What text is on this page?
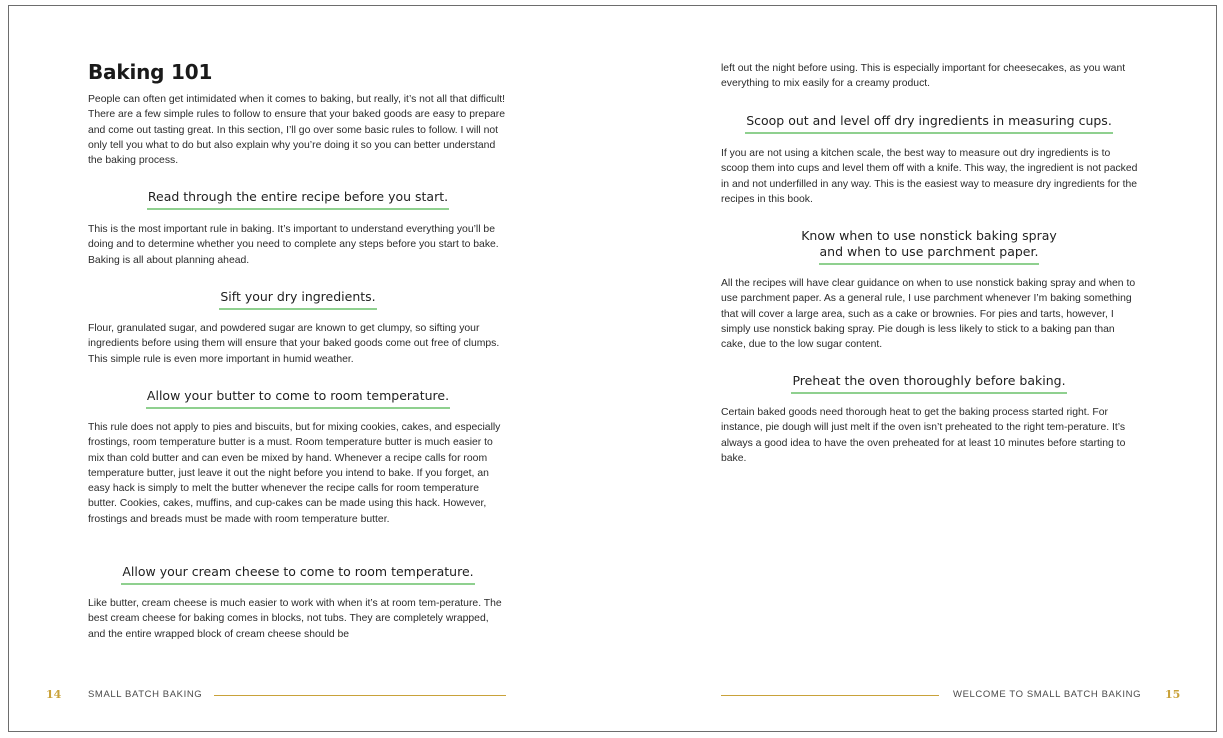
Baking 101

People can often get intimidated when it comes to baking, but really, it’s not all that difficult! There are a few simple rules to follow to ensure that your baked goods are easy to prepare and come out tasting great. In this section, I’ll go over some basic rules to follow. I will not only tell you what to do but also explain why you’re doing it so you can better understand the baking process.

Read through the entire recipe before you start.

This is the most important rule in baking. It’s important to understand everything you’ll be doing and to determine whether you need to complete any steps before you start to bake. Baking is all about planning ahead.

Sift your dry ingredients.

Flour, granulated sugar, and powdered sugar are known to get clumpy, so sifting your ingredients before using them will ensure that your baked goods come out free of clumps. This simple rule is even more important in humid weather.

Allow your butter to come to room temperature.

This rule does not apply to pies and biscuits, but for mixing cookies, cakes, and especially frostings, room temperature butter is a must. Room temperature butter is much easier to mix than cold butter and can even be mixed by hand. Whenever a recipe calls for room temperature butter, just leave it out the night before you intend to bake. If you forget, an easy hack is simply to melt the butter whenever the recipe calls for room temperature butter. Cookies, cakes, muffins, and cup-cakes can be made using this hack. However, frostings and breads must be made with room temperature butter.

Allow your cream cheese to come to room temperature.

Like butter, cream cheese is much easier to work with when it’s at room tem-perature. The best cream cheese for baking comes in blocks, not tubs. They are completely wrapped, and the entire wrapped block of cream cheese should be

14	SMALL BATCH BAKING

left out the night before using. This is especially important for cheesecakes, as you want everything to mix easily for a creamy product.

Scoop out and level off dry ingredients in measuring cups.

If you are not using a kitchen scale, the best way to measure out dry ingredients is to scoop them into cups and level them off with a knife. This way, the ingredient is not packed in and not underfilled in any way. This is the easiest way to measure dry ingredients for the recipes in this book.

Know when to use nonstick baking spray
and when to use parchment paper.

All the recipes will have clear guidance on when to use nonstick baking spray and when to use parchment paper. As a general rule, I use parchment whenever I’m baking something that will cover a large area, such as a cake or brownies. For pies and tarts, however, I simply use nonstick baking spray. Pie dough is less likely to stick to a baking pan than cake, due to the low sugar content.

Preheat the oven thoroughly before baking.

Certain baked goods need thorough heat to get the baking process started right. For instance, pie dough will just melt if the oven isn’t preheated to the right tem-perature. It’s always a good idea to have the oven preheated for at least 10 minutes before starting to bake.

WELCOME TO SMALL BATCH BAKING 15
